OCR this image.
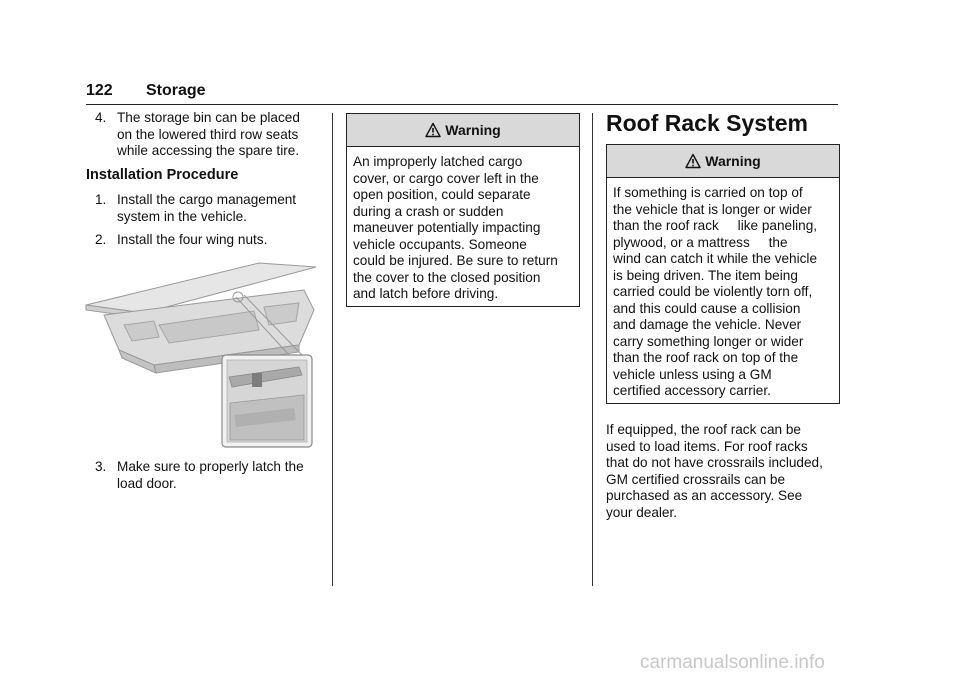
122 Storage
4. The storage bin can be placed
on the lowered third row seats
while accessing the spare tire.
Installation Procedure
1. Install the cargo management
system in the vehicle.
2. Install the four wing nuts.
3. Make sure to properly latch the
load door.
Warning
An improperly latched cargo
cover, or cargo cover left in the
open position, could separate
during a crash or sudden
maneuver potentially impacting
vehicle occupants. Someone
could be injured. Be sure to return
the cover to the closed position
and latch before driving.
Roof Rack System
Warning
If something is carried on top of
the vehicle that is longer or wider
than the roof rack     like paneling,
plywood, or a mattress     the
wind can catch it while the vehicle
is being driven. The item being
carried could be violently torn off,
and this could cause a collision
and damage the vehicle. Never
carry something longer or wider
than the roof rack on top of the
vehicle unless using a GM
certified accessory carrier.
If equipped, the roof rack can be
used to load items. For roof racks
that do not have crossrails included,
GM certified crossrails can be
purchased as an accessory. See
your dealer.
carmanualsonline.info
